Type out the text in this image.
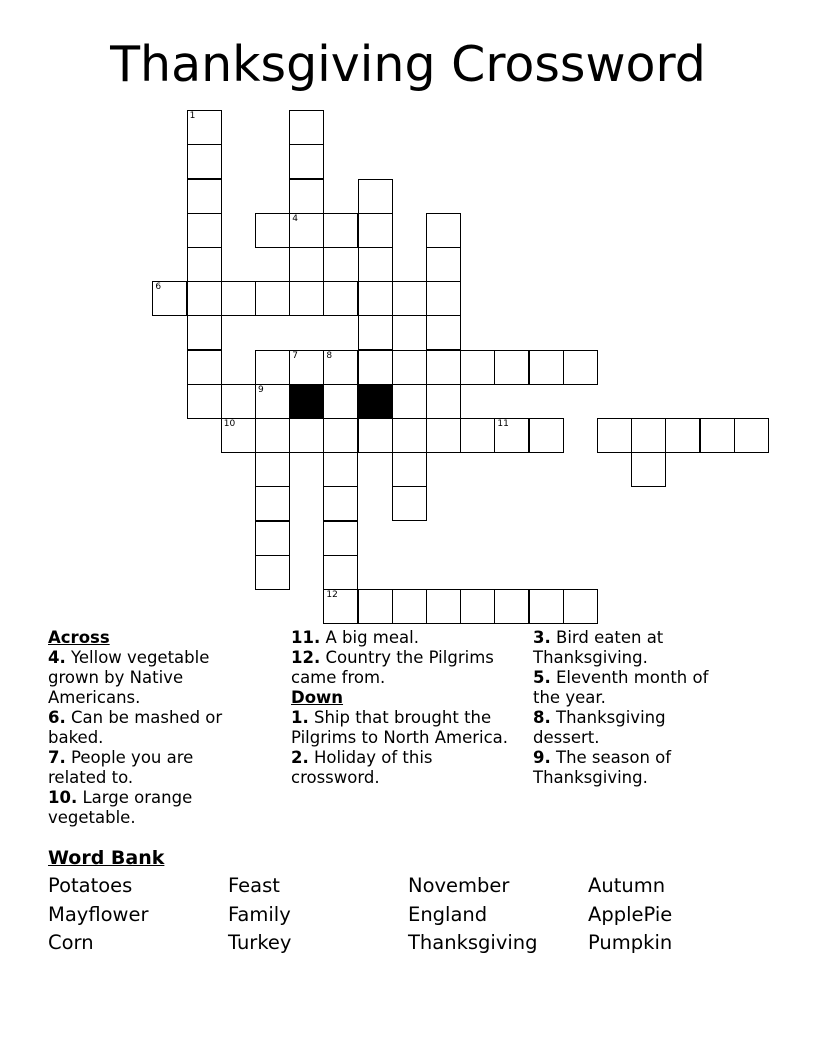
Thanksgiving Crossword
1
4
6
7	8
9
10	11
12
Across

4. Yellow vegetable grown by Native Americans.

6. Can be mashed or baked.

7. People you are related to.

10. Large orange vegetable.

11. A big meal.

12. Country the Pilgrims came from.

Down

1. Ship that brought the Pilgrims to North America.

2. Holiday of this crossword.

3. Bird eaten at Thanksgiving.

5. Eleventh month of the year.

8. Thanksgiving dessert.

9. The season of Thanksgiving.

Word Bank
Potatoes	Feast	November	Autumn
Mayflower	Family	England	ApplePie
Corn	Turkey	Thanksgiving	Pumpkin
